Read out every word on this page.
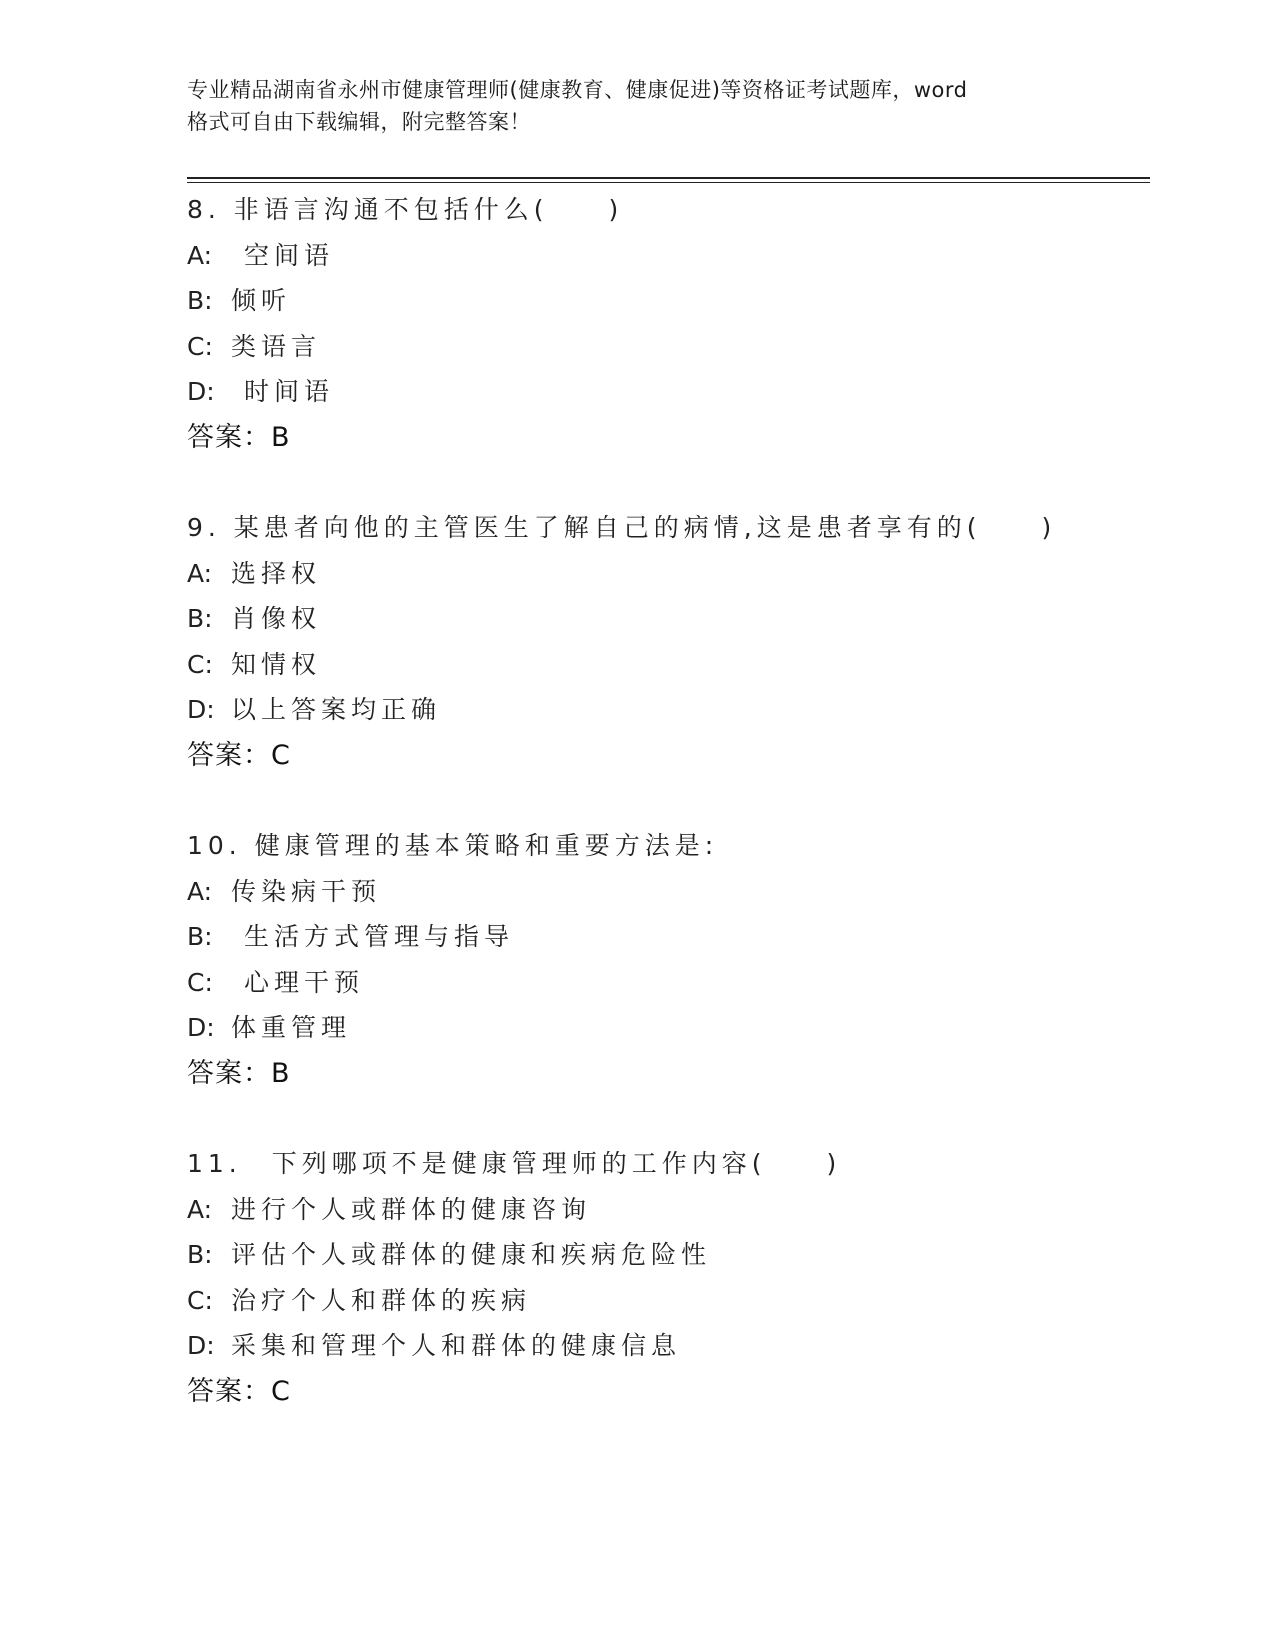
专业精品湖南省永州市健康管理师(健康教育、健康促进)等资格证考试题库，word
格式可自由下载编辑，附完整答案！
8. 非语言沟通不包括什么(　　)
A: 空间语
B: 倾听
C: 类语言
D: 时间语
答案：B
9. 某患者向他的主管医生了解自己的病情,这是患者享有的(　　)
A: 选择权
B: 肖像权
C: 知情权
D: 以上答案均正确
答案：C
10. 健康管理的基本策略和重要方法是:
A: 传染病干预
B: 生活方式管理与指导
C: 心理干预
D: 体重管理
答案：B
11.　下列哪项不是健康管理师的工作内容(　　)
A: 进行个人或群体的健康咨询
B: 评估个人或群体的健康和疾病危险性
C: 治疗个人和群体的疾病
D: 采集和管理个人和群体的健康信息
答案：C
